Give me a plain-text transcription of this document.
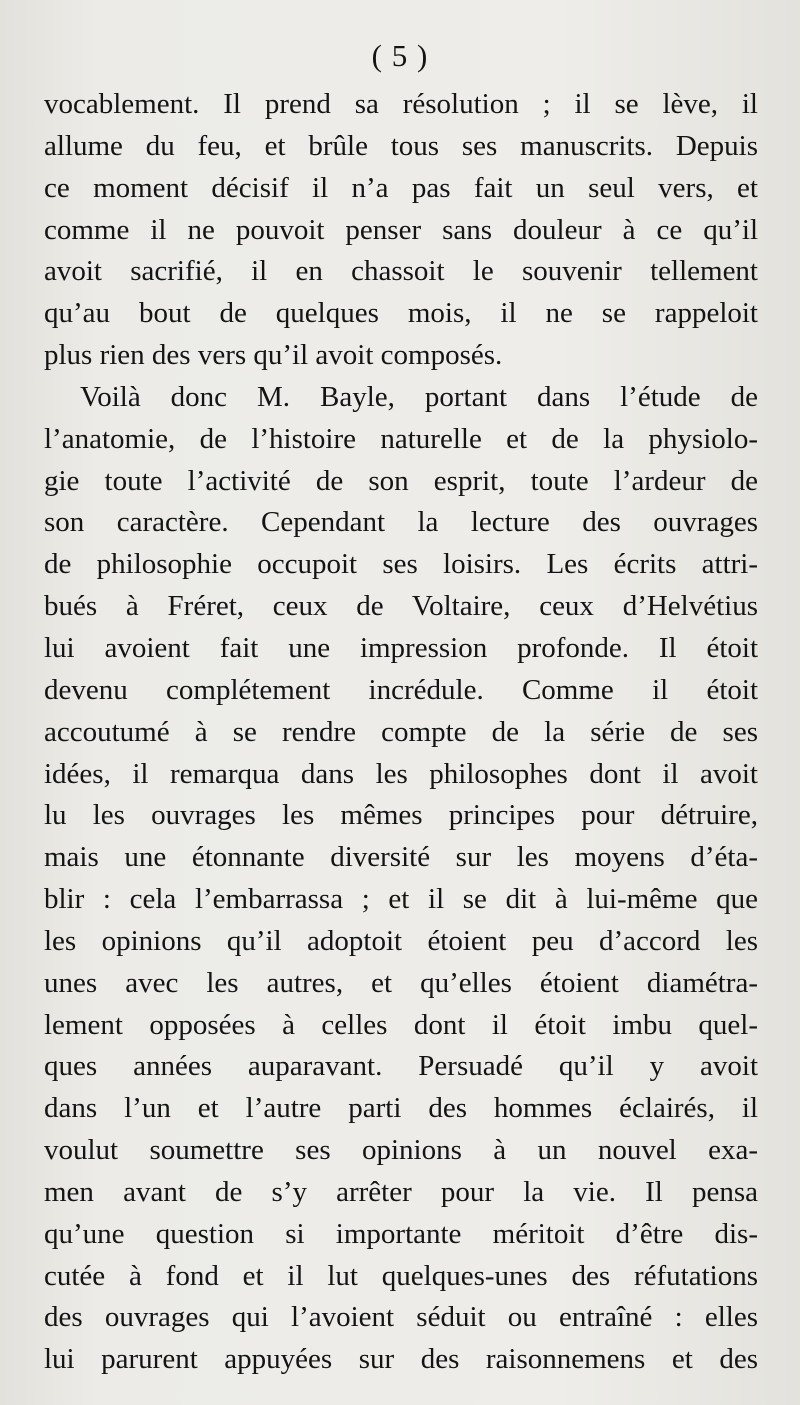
( 5 )
vocablement. Il prend sa résolution ; il se lève, il
allume du feu, et brûle tous ses manuscrits. Depuis
ce moment décisif il n’a pas fait un seul vers, et
comme il ne pouvoit penser sans douleur à ce qu’il
avoit sacrifié, il en chassoit le souvenir tellement
qu’au bout de quelques mois, il ne se rappeloit
plus rien des vers qu’il avoit composés.
Voilà donc M. Bayle, portant dans l’étude de
l’anatomie, de l’histoire naturelle et de la physiolo-
gie toute l’activité de son esprit, toute l’ardeur de
son caractère. Cependant la lecture des ouvrages
de philosophie occupoit ses loisirs. Les écrits attri-
bués à Fréret, ceux de Voltaire, ceux d’Helvétius
lui avoient fait une impression profonde. Il étoit
devenu complétement incrédule. Comme il étoit
accoutumé à se rendre compte de la série de ses
idées, il remarqua dans les philosophes dont il avoit
lu les ouvrages les mêmes principes pour détruire,
mais une étonnante diversité sur les moyens d’éta-
blir : cela l’embarrassa ; et il se dit à lui-même que
les opinions qu’il adoptoit étoient peu d’accord les
unes avec les autres, et qu’elles étoient diamétra-
lement opposées à celles dont il étoit imbu quel-
ques années auparavant. Persuadé qu’il y avoit
dans l’un et l’autre parti des hommes éclairés, il
voulut soumettre ses opinions à un nouvel exa-
men avant de s’y arrêter pour la vie. Il pensa
qu’une question si importante méritoit d’être dis-
cutée à fond et il lut quelques-unes des réfutations
des ouvrages qui l’avoient séduit ou entraîné : elles
lui parurent appuyées sur des raisonnemens et des
